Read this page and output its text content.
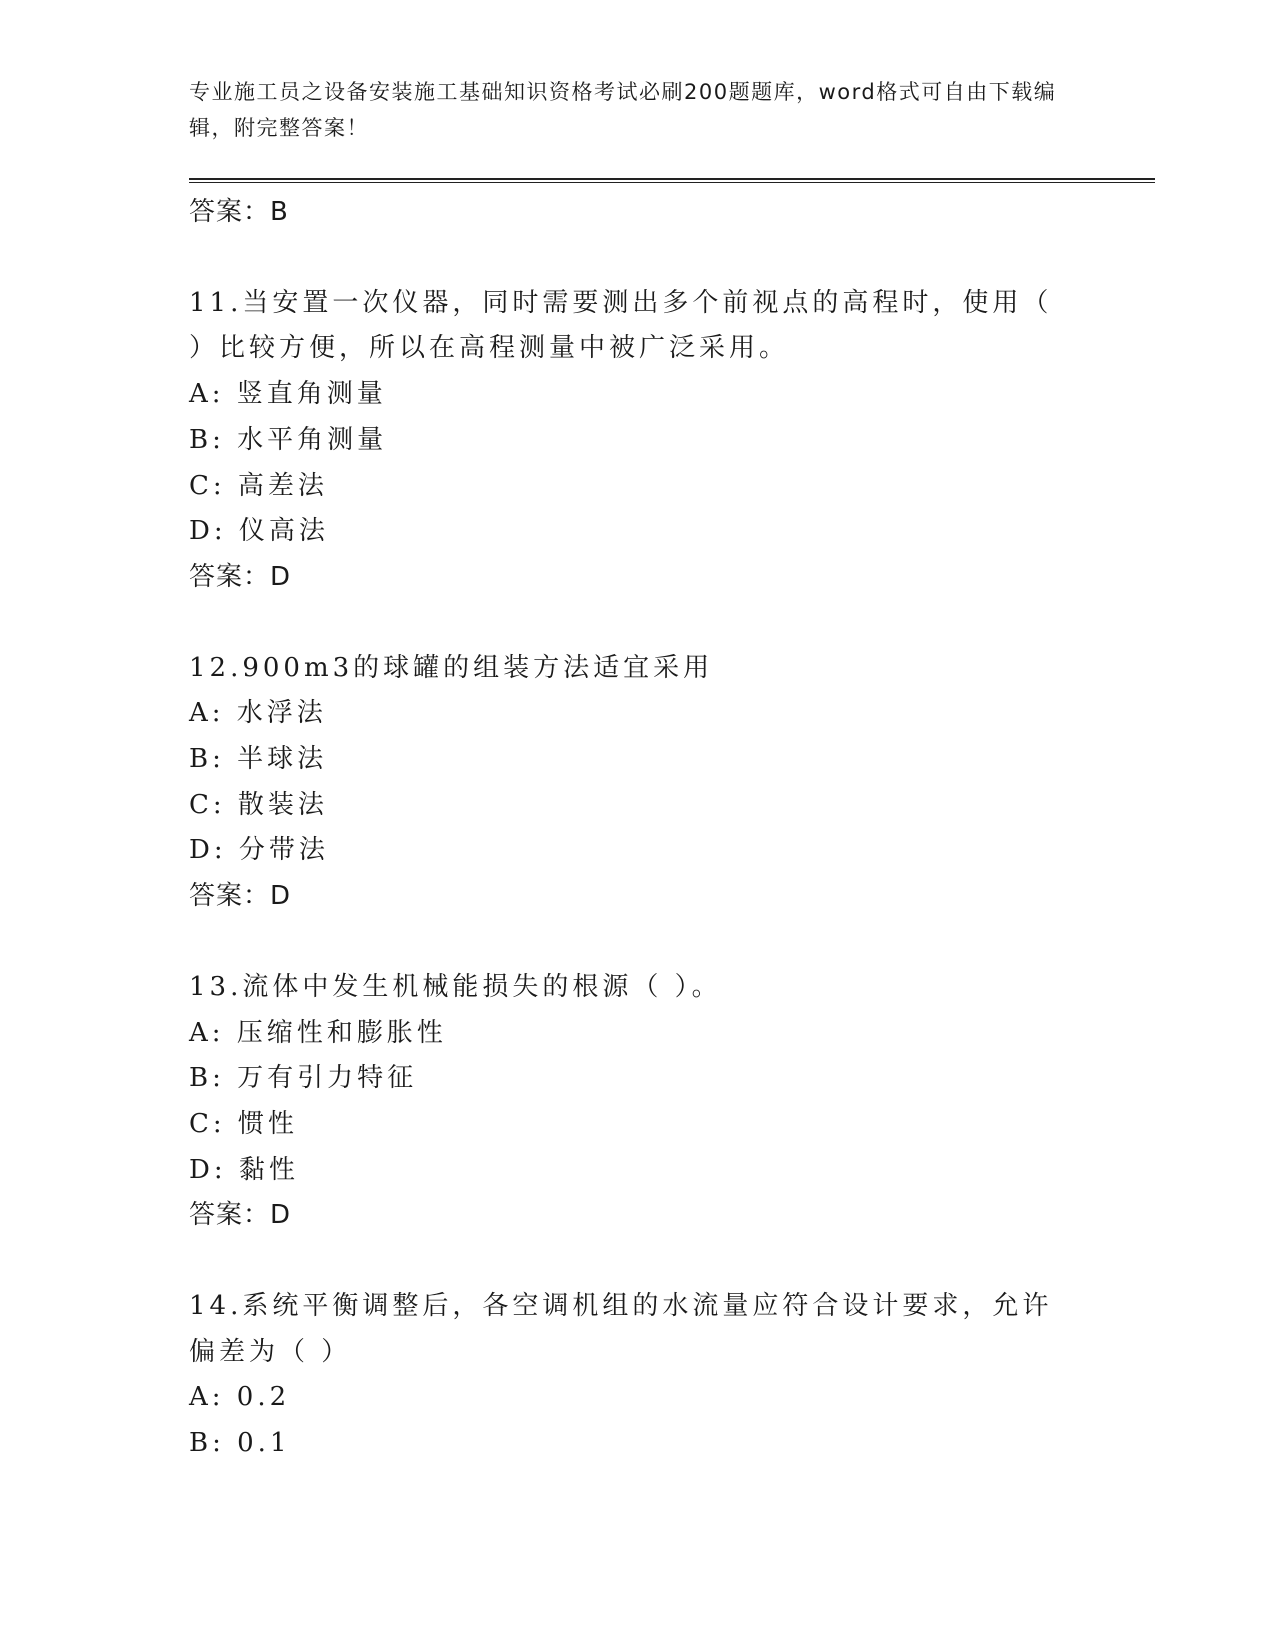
专业施工员之设备安装施工基础知识资格考试必刷200题题库，word格式可自由下载编辑，附完整答案！
答案：B
11.当安置一次仪器，同时需要测出多个前视点的高程时，使用（ ）比较方便，所以在高程测量中被广泛采用。
A: 竖直角测量
B: 水平角测量
C: 高差法
D: 仪高法
答案：D
12.900m3的球罐的组装方法适宜采用
A: 水浮法
B: 半球法
C: 散装法
D: 分带法
答案：D
13.流体中发生机械能损失的根源（ ）。
A: 压缩性和膨胀性
B: 万有引力特征
C: 惯性
D: 黏性
答案：D
14.系统平衡调整后，各空调机组的水流量应符合设计要求，允许偏差为（ ）
A: 0.2
B: 0.1
